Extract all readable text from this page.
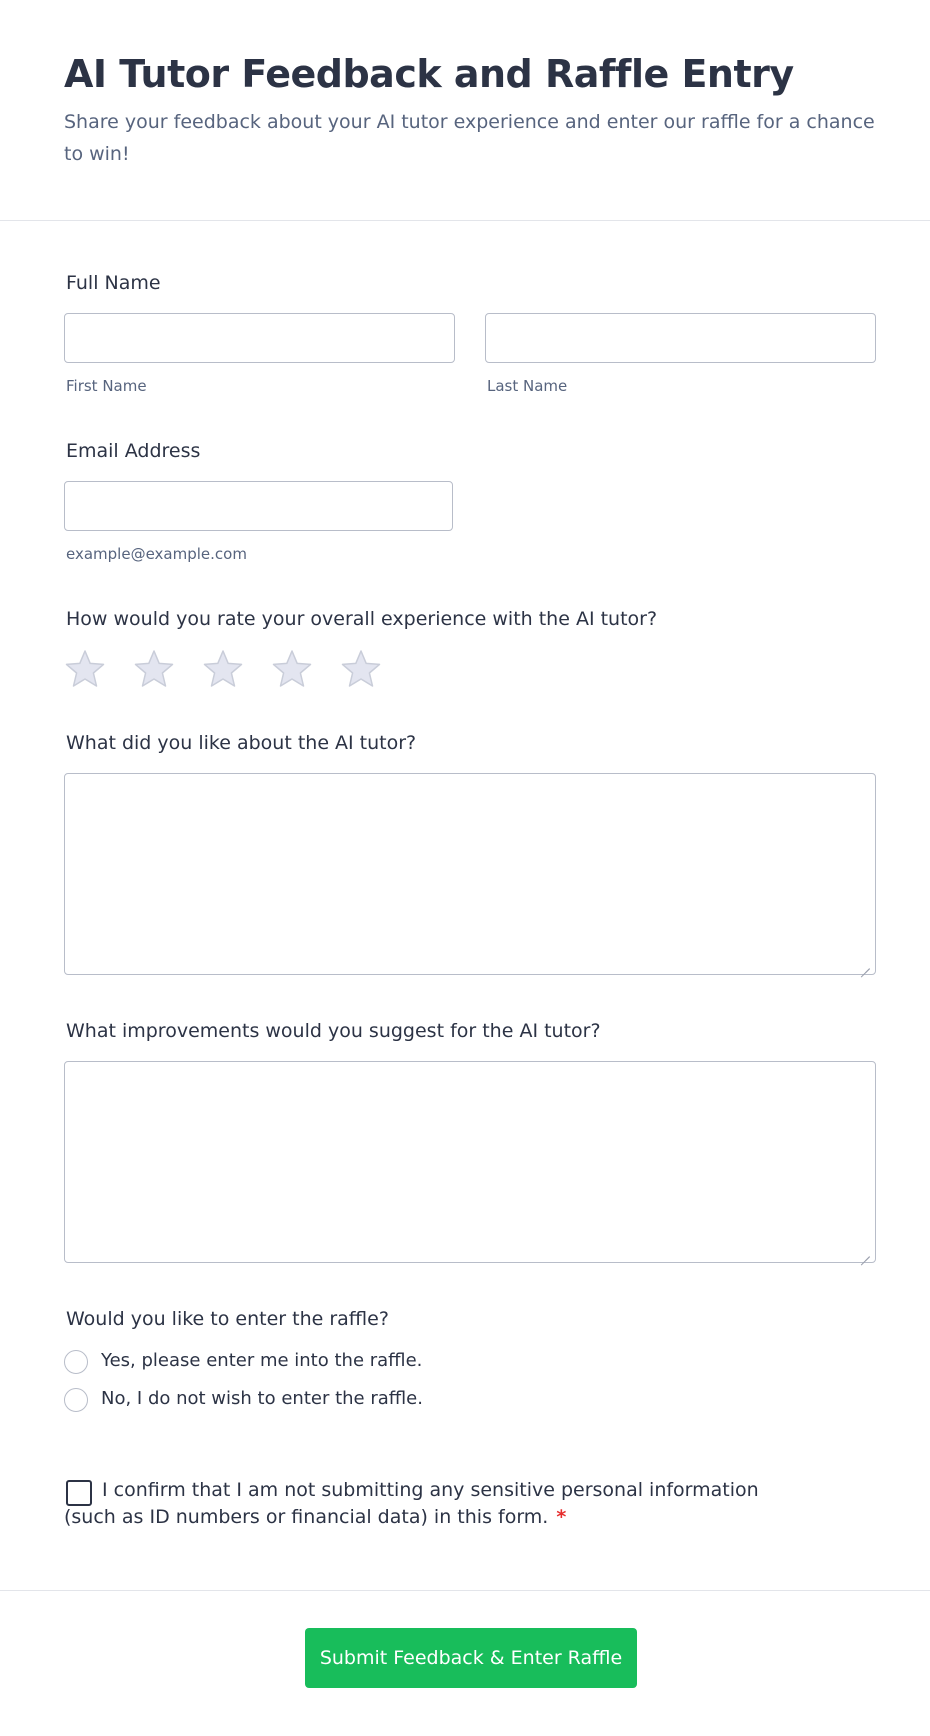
AI Tutor Feedback and Raffle Entry

Share your feedback about your AI tutor experience and enter our raffle for a chance to win!

Full Name
First Name	Last Name
Email Address
example@example.com
How would you rate your overall experience with the AI tutor?
What did you like about the AI tutor?
What improvements would you suggest for the AI tutor?
Would you like to enter the raffle?
Yes, please enter me into the raffle.
No, I do not wish to enter the raffle.
I confirm that I am not submitting any sensitive personal information
(such as ID numbers or financial data) in this form. *
Submit Feedback & Enter Raffle
